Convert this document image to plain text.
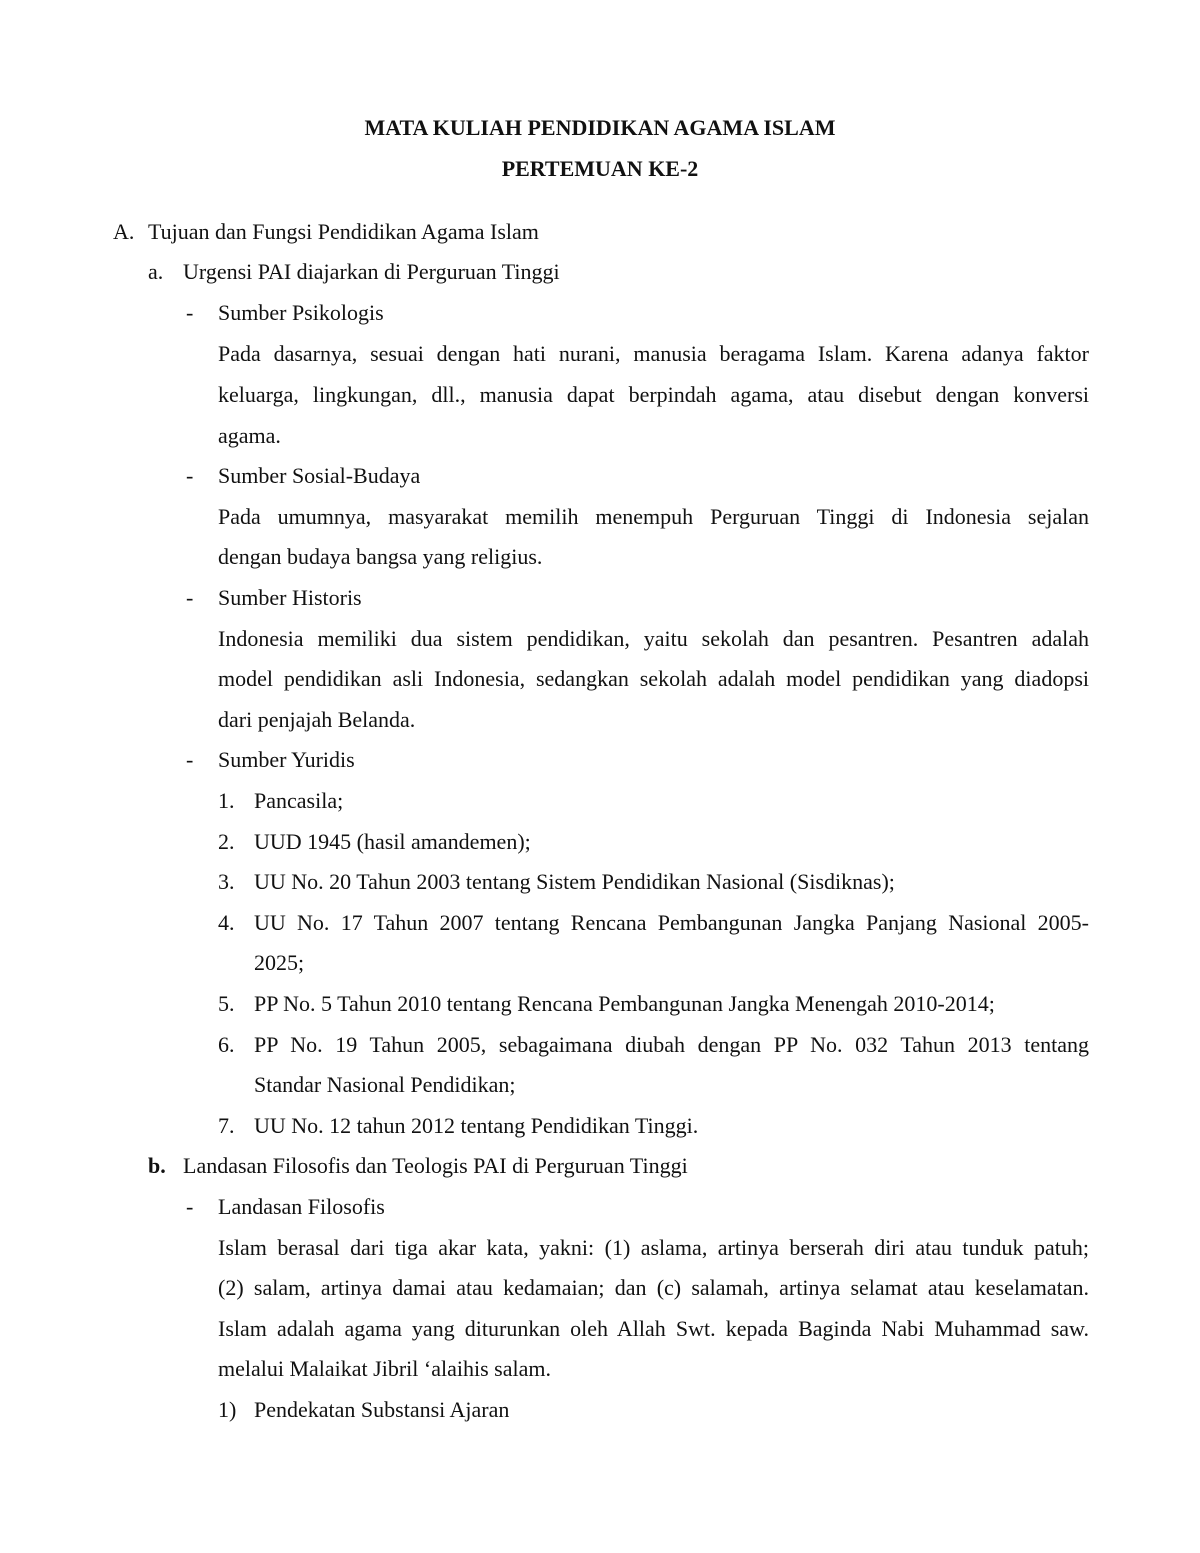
MATA KULIAH PENDIDIKAN AGAMA ISLAM
PERTEMUAN KE-2
A. Tujuan dan Fungsi Pendidikan Agama Islam
a. Urgensi PAI diajarkan di Perguruan Tinggi
- Sumber Psikologis
Pada dasarnya, sesuai dengan hati nurani, manusia beragama Islam. Karena adanya faktor
keluarga, lingkungan, dll., manusia dapat berpindah agama, atau disebut dengan konversi
agama.
- Sumber Sosial-Budaya
Pada umumnya, masyarakat memilih menempuh Perguruan Tinggi di Indonesia sejalan
dengan budaya bangsa yang religius.
- Sumber Historis
Indonesia memiliki dua sistem pendidikan, yaitu sekolah dan pesantren. Pesantren adalah
model pendidikan asli Indonesia, sedangkan sekolah adalah model pendidikan yang diadopsi
dari penjajah Belanda.
- Sumber Yuridis
1. Pancasila;
2. UUD 1945 (hasil amandemen);
3. UU No. 20 Tahun 2003 tentang Sistem Pendidikan Nasional (Sisdiknas);
4. UU No. 17 Tahun 2007 tentang Rencana Pembangunan Jangka Panjang Nasional 2005-
2025;
5. PP No. 5 Tahun 2010 tentang Rencana Pembangunan Jangka Menengah 2010-2014;
6. PP No. 19 Tahun 2005, sebagaimana diubah dengan PP No. 032 Tahun 2013 tentang
Standar Nasional Pendidikan;
7. UU No. 12 tahun 2012 tentang Pendidikan Tinggi.
b. Landasan Filosofis dan Teologis PAI di Perguruan Tinggi
- Landasan Filosofis
Islam berasal dari tiga akar kata, yakni: (1) aslama, artinya berserah diri atau tunduk patuh;
(2) salam, artinya damai atau kedamaian; dan (c) salamah, artinya selamat atau keselamatan.
Islam adalah agama yang diturunkan oleh Allah Swt. kepada Baginda Nabi Muhammad saw.
melalui Malaikat Jibril ‘alaihis salam.
1) Pendekatan Substansi Ajaran
